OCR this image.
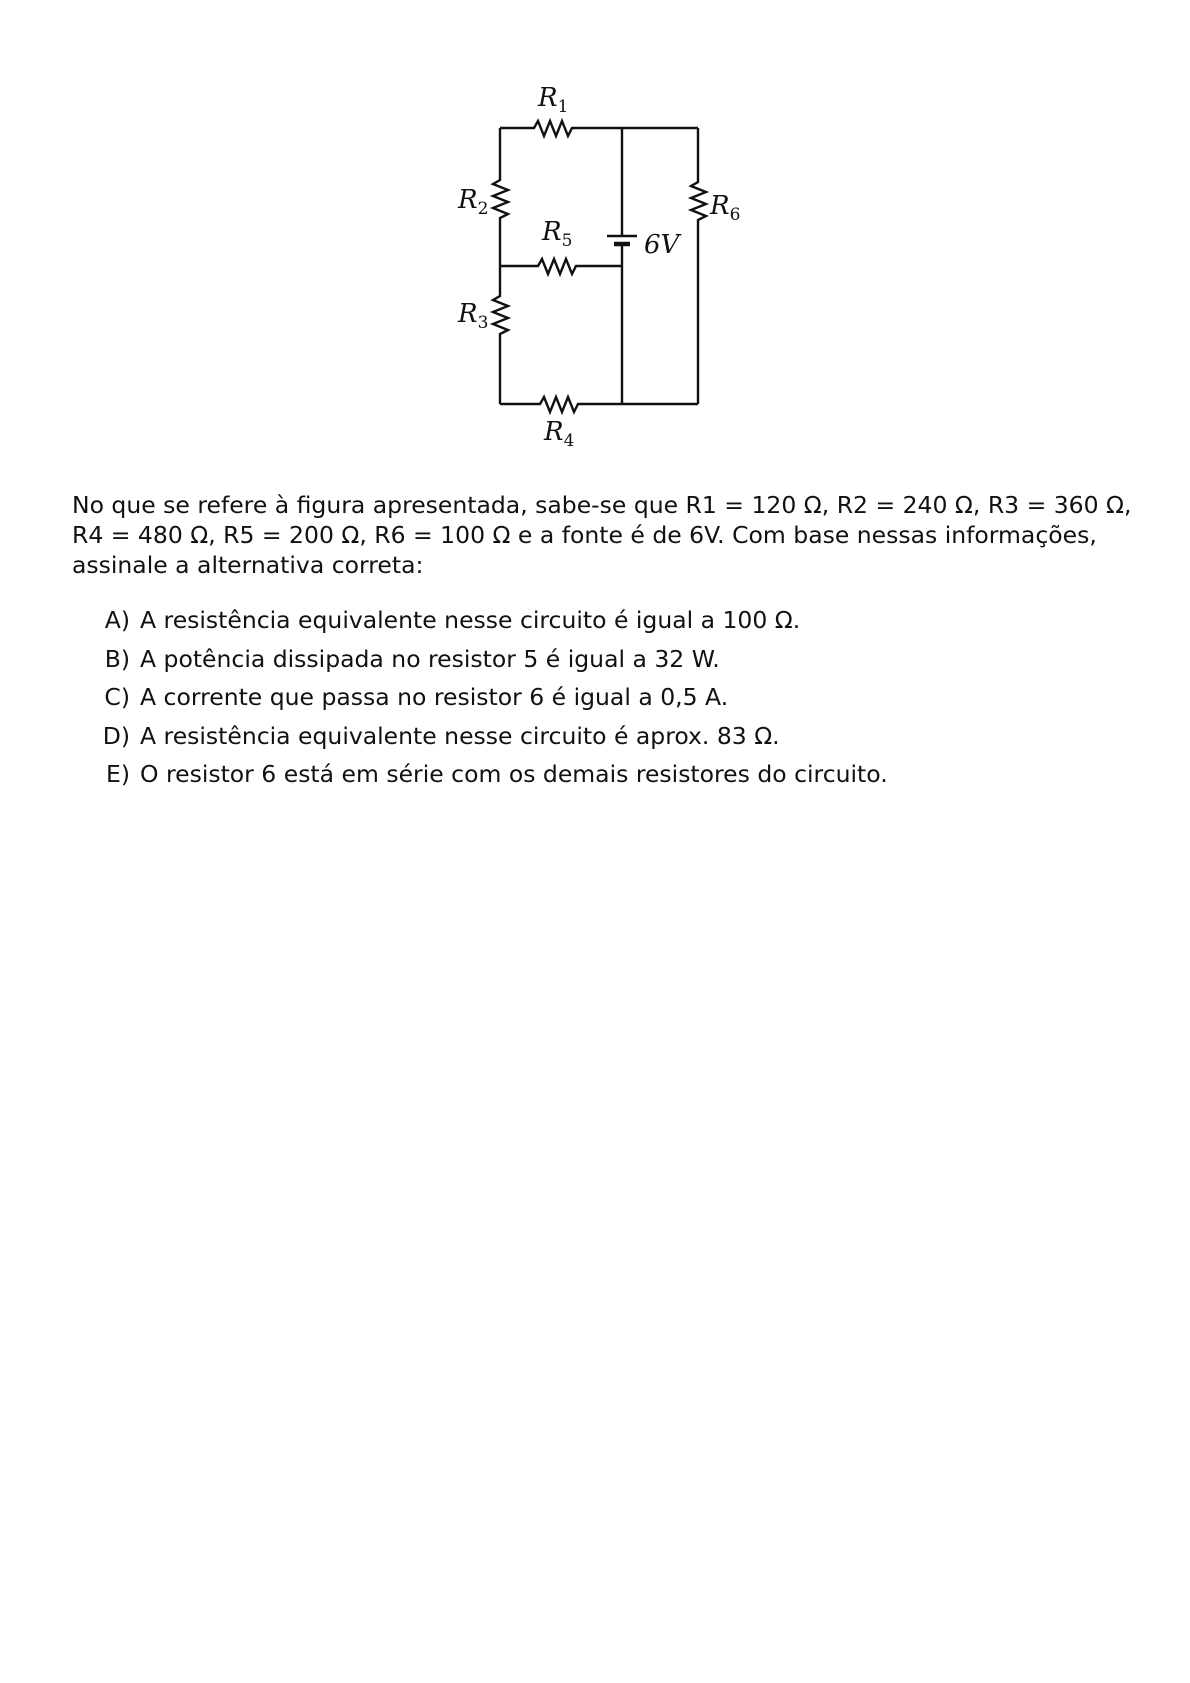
$R_1$
$R_2$
$R_5$
$R_3$
$R_4$
$R_6$
6V

No que se refere à figura apresentada, sabe-se que R1 = 120 Ω, R2 = 240 Ω, R3 = 360 Ω, R4 = 480 Ω, R5 = 200 Ω, R6 = 100 Ω e a fonte é de 6V. Com base nessas informações, assinale a alternativa correta:

A) A resistência equivalente nesse circuito é igual a 100 Ω.
B) A potência dissipada no resistor 5 é igual a 32 W.
C) A corrente que passa no resistor 6 é igual a 0,5 A.
D) A resistência equivalente nesse circuito é aprox. 83 Ω.
E) O resistor 6 está em série com os demais resistores do circuito.
